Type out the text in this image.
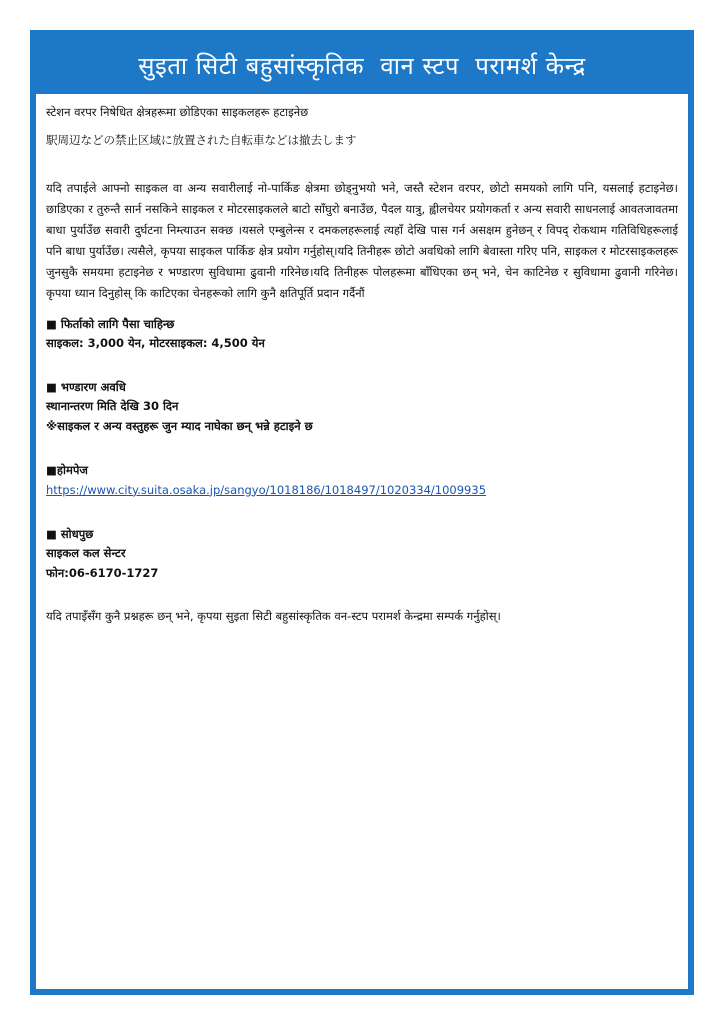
सुइता सिटी बहुसांस्कृतिक  वान स्टप  परामर्श केन्द्र

स्टेशन वरपर निषेधित क्षेत्रहरूमा छोडिएका साइकलहरू हटाइनेछ

駅周辺などの禁止区域に放置された自転車などは撤去します

यदि तपाईले आफ्नो साइकल वा अन्य सवारीलाई नो-पार्किङ क्षेत्रमा छोड्नुभयो भने, जस्तै स्टेशन वरपर, छोटो समयको लागि पनि, यसलाई हटाइनेछ।छाडिएका र तुरुन्तै सार्न नसकिने साइकल र मोटरसाइकलले बाटो साँघुरो बनाउँछ, पैदल यात्रु, ह्वीलचेयर प्रयोगकर्ता र अन्य सवारी साधनलाई आवतजावतमा बाधा पुर्याउँछ सवारी दुर्घटना निम्त्याउन सक्छ ।यसले एम्बुलेन्स र दमकलहरूलाई त्यहाँ देखि पास गर्न असक्षम हुनेछन् र विपद् रोकथाम गतिविधिहरूलाई पनि बाधा पुर्याउँछ। त्यसैले, कृपया साइकल पार्किङ क्षेत्र प्रयोग गर्नुहोस्।यदि तिनीहरू छोटो अवधिको लागि बेवास्ता गरिए पनि, साइकल र मोटरसाइकलहरू जुनसुकै समयमा हटाइनेछ र भण्डारण सुविधामा ढुवानी गरिनेछ।यदि तिनीहरू पोलहरूमा बाँधिएका छन् भने, चेन काटिनेछ र सुविधामा ढुवानी गरिनेछ।कृपया ध्यान दिनुहोस् कि काटिएका चेनहरूको लागि कुनै क्षतिपूर्ति प्रदान गर्दैनौं

■ फिर्ताको लागि पैसा चाहिन्छ

साइकल: 3,000 येन, मोटरसाइकल: 4,500 येन

■ भण्डारण अवधि

स्थानान्तरण मिति देखि 30 दिन

※साइकल र अन्य वस्तुहरू जुन म्याद नाघेका छन् भन्ने हटाइने छ

■होमपेज

https://www.city.suita.osaka.jp/sangyo/1018186/1018497/1020334/1009935

■ सोधपुछ

साइकल कल सेन्टर

फोन:06-6170-1727

यदि तपाइँसँग कुनै प्रश्नहरू छन् भने, कृपया सुइता सिटी बहुसांस्कृतिक वन-स्टप परामर्श केन्द्रमा सम्पर्क गर्नुहोस्।
